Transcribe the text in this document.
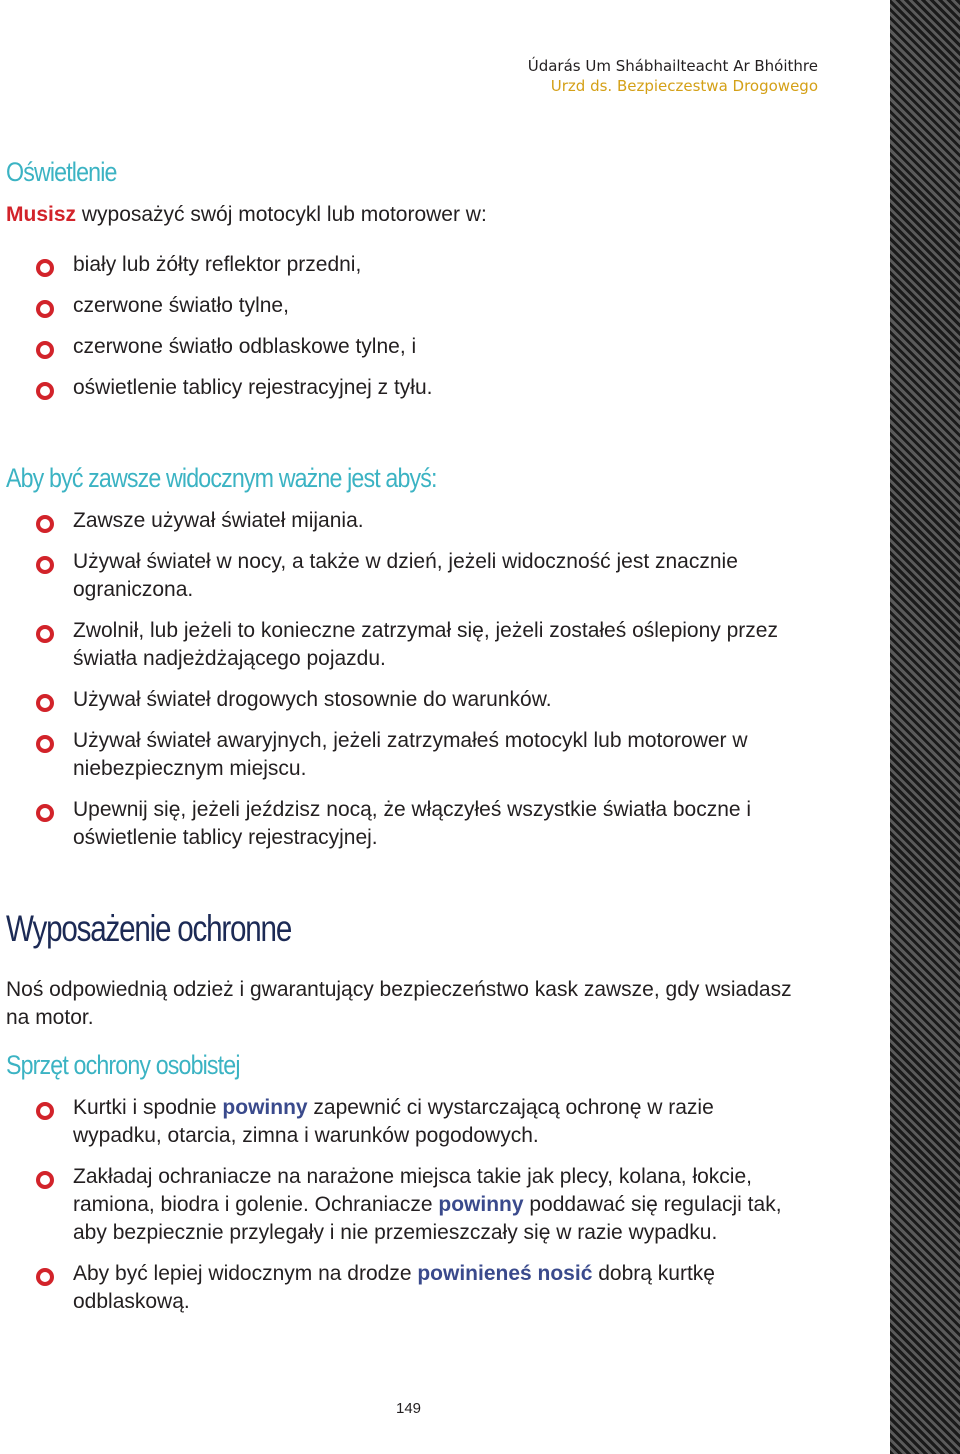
Údarás Um Shábhailteacht Ar Bhóithre
Urzd ds. Bezpieczestwa Drogowego
Oświetlenie

Musisz wyposażyć swój motocykl lub motorower w:

biały lub żółty reflektor przedni,
czerwone światło tylne,
czerwone światło odblaskowe tylne, i
oświetlenie tablicy rejestracyjnej z tyłu.
Aby być zawsze widocznym ważne jest abyś:
Zawsze używał świateł mijania.
Używał świateł w nocy, a także w dzień, jeżeli widoczność jest znacznie ograniczona.
Zwolnił, lub jeżeli to konieczne zatrzymał się, jeżeli zostałeś oślepiony przez światła nadjeżdżającego pojazdu.
Używał świateł drogowych stosownie do warunków.
Używał świateł awaryjnych, jeżeli zatrzymałeś motocykl lub motorower w niebezpiecznym miejscu.
Upewnij się, jeżeli jeździsz nocą, że włączyłeś wszystkie światła boczne i oświetlenie tablicy rejestracyjnej.
Wyposażenie ochronne

Noś odpowiednią odzież i gwarantujący bezpieczeństwo kask zawsze, gdy wsiadasz na motor.

Sprzęt ochrony osobistej
Kurtki i spodnie powinny zapewnić ci wystarczającą ochronę w razie wypadku, otarcia, zimna i warunków pogodowych.
Zakładaj ochraniacze na narażone miejsca takie jak plecy, kolana, łokcie, ramiona, biodra i golenie. Ochraniacze powinny poddawać się regulacji tak, aby bezpiecznie przylegały i nie przemieszczały się w razie wypadku.
Aby być lepiej widocznym na drodze powinieneś nosić dobrą kurtkę odblaskową.
149
